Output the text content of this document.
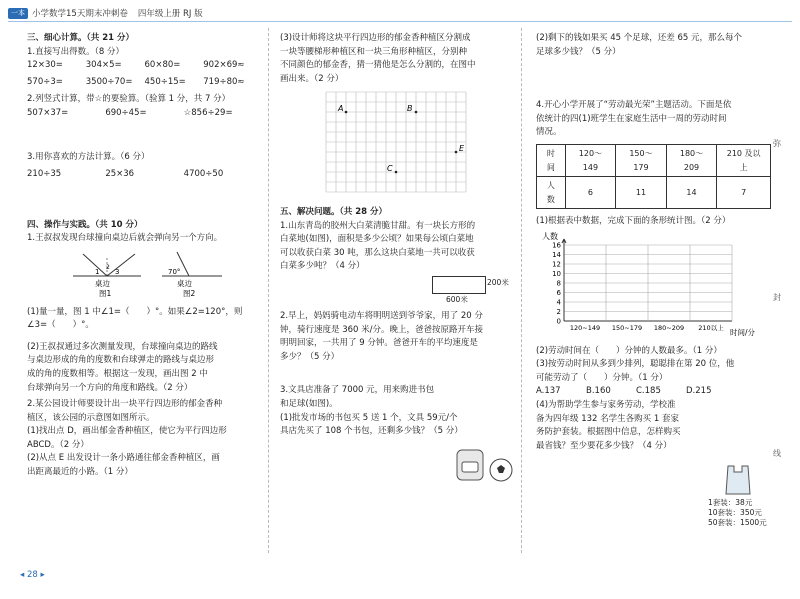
一本 小学数学15天期末冲刺卷 四年级上册 RJ 版

三、细心计算。（共 21 分）

1.直接写出得数。（8 分）

12×30=	304×5=	60×80=	902×69≈
570÷3=	3500÷70=	450÷15=	719÷80≈

2.列竖式计算，带☆的要验算。（验算 1 分，共 7 分）

507×37=	690÷45=	☆856÷29=

3.用你喜欢的方法计算。（6 分）

210÷35	25×36	4700÷50

四、操作与实践。（共 10 分）

1.王叔叔发现台球撞向桌边后就会弹向另一个方向。

1 3
2
桌边
图1
70°
桌边
图2

(1)量一量，图 1 中∠1=（　　）°。如果∠2=120°，则∠3=（　　）°。

(2)王叔叔通过多次测量发现，台球撞向桌边的路线

与桌边形成的角的度数和台球弹走的路线与桌边形

成的角的度数相等。根据这一发现，画出图 2 中

台球弹向另一个方向的角度和路线。（2 分）

2.某公园设计师要设计出一块平行四边形的郁金香种

植区，该公园的示意图如图所示。

(1)找出点 D，画出郁金香种植区，使它为平行四边形

ABCD。（2 分）

(2)从点 E 出发设计一条小路通往郁金香种植区，画

出距离最近的小路。（1 分）

(3)设计师将这块平行四边形的郁金香种植区分割成

一块等腰梯形种植区和一块三角形种植区，分别种

不同颜色的郁金香，猜一猜他是怎么分割的，在图中

画出来。（2 分）

A	B
C
E

五、解决问题。（共 28 分）

1.山东青岛的胶州大白菜清脆甘甜。有一块长方形的

白菜地(如图)，面积是多少公顷？如果每公顷白菜地

可以收获白菜 30 吨，那么这块白菜地一共可以收获

白菜多少吨？（4 分）

200米
600米

2.早上，妈妈骑电动车将明明送到爷爷家，用了 20 分

钟，骑行速度是 360 米/分。晚上，爸爸按原路开车接

明明回家，一共用了 9 分钟。爸爸开车的平均速度是

多少？（5 分）

3.文具店准备了 7000 元，用来购进书包

和足球(如图)。

(1)批发市场的书包买 5 送 1 个，文具 59元/个

具店先买了 108 个书包，还剩多少钱？（5 分）

(2)剩下的钱如果买 45 个足球，还差 65 元，那么每个

足球多少钱？（5 分）

4.开心小学开展了“劳动最光荣”主题活动。下面是依

依统计的四(1)班学生在家庭生活中一周的劳动时间

情况。

时间	120～149	150～179	180～209	210 及以上
人数	6	11	14	7

(1)根据表中数据，完成下面的条形统计图。（2 分）

人数
0
2
4
6
8
10
12
14
16
120~149 150~179 180~209 210以上 时间/分

(2)劳动时间在（　　）分钟的人数最多。（1 分）

(3)按劳动时间从多到少排列，聪聪排在第 20 位，他

可能劳动了（　　）分钟。（1 分）

A.137	B.160	C.185	D.215

(4)为帮助学生参与家务劳动，学校准

备为四年级 132 名学生各购买 1 套家

务防护套装。根据图中信息，怎样购买

最省钱？至少要花多少钱？（4 分）

1套装：38元

10套装：350元

50套装：1500元

弥
封
线
◂ 28 ▸
